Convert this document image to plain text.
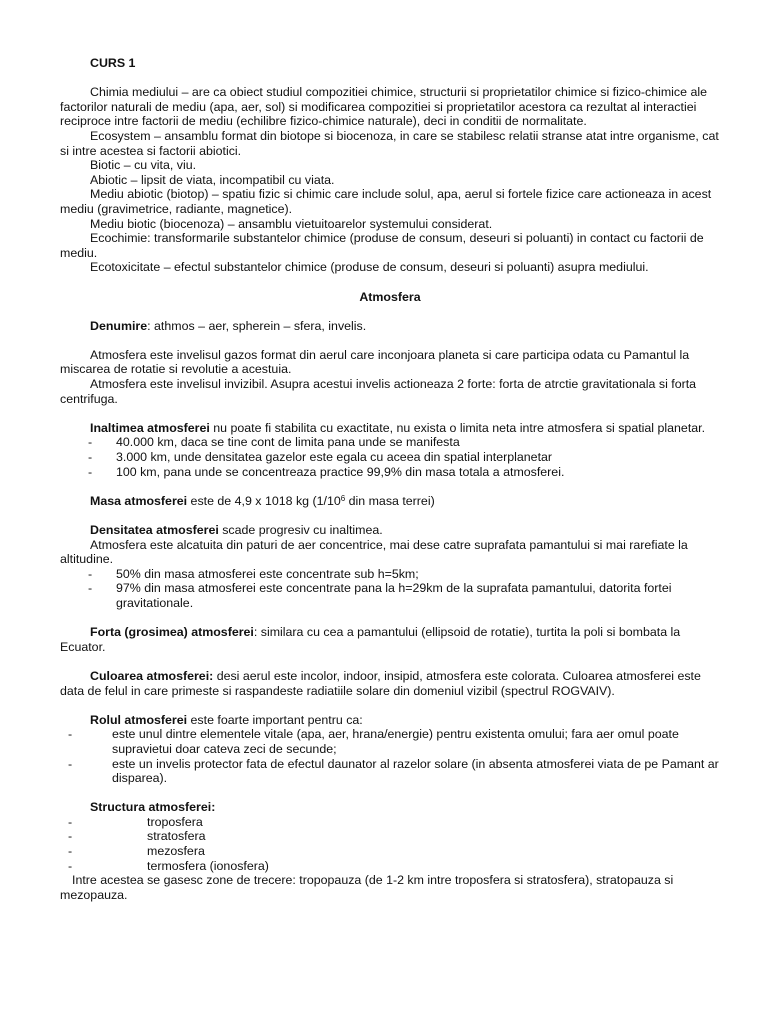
CURS 1

Chimia mediului – are ca obiect studiul compozitiei chimice, structurii si proprietatilor chimice si fizico-chimice ale factorilor naturali de mediu (apa, aer, sol) si modificarea compozitiei si proprietatilor acestora ca rezultat al interactiei reciproce intre factorii de mediu (echilibre fizico-chimice naturale), deci in conditii de normalitate.

Ecosystem – ansamblu format din biotope si biocenoza, in care se stabilesc relatii stranse atat intre organisme, cat si intre acestea si factorii abiotici.

Biotic – cu vita, viu.

Abiotic – lipsit de viata, incompatibil cu viata.

Mediu abiotic (biotop) – spatiu fizic si chimic care include solul, apa, aerul si fortele fizice care actioneaza in acest mediu (gravimetrice, radiante, magnetice).

Mediu biotic (biocenoza) – ansamblu vietuitoarelor systemului considerat.

Ecochimie: transformarile substantelor chimice (produse de consum, deseuri si poluanti) in contact cu factorii de mediu.

Ecotoxicitate – efectul substantelor chimice (produse de consum, deseuri si poluanti) asupra mediului.

Atmosfera

Denumire: athmos – aer, spherein – sfera, invelis.

Atmosfera este invelisul gazos format din aerul care inconjoara planeta si care participa odata cu Pamantul la miscarea de rotatie si revolutie a acestuia.

Atmosfera este invelisul invizibil. Asupra acestui invelis actioneaza 2 forte: forta de atrctie gravitationala si forta centrifuga.

Inaltimea atmosferei nu poate fi stabilita cu exactitate, nu exista o limita neta intre atmosfera si spatial planetar.

-	40.000 km, daca se tine cont de limita pana unde se manifesta
-	3.000 km, unde densitatea gazelor este egala cu aceea din spatial interplanetar
-	100 km, pana unde se concentreaza practice 99,9% din masa totala a atmosferei.

Masa atmosferei este de 4,9 x 1018 kg ($1/10^6$ din masa terrei)

Densitatea atmosferei scade progresiv cu inaltimea.

Atmosfera este alcatuita din paturi de aer concentrice, mai dese catre suprafata pamantului si mai rarefiate la altitudine.

-	50% din masa atmosferei este concentrate sub h=5km;
-	97% din masa atmosferei este concentrate pana la h=29km de la suprafata pamantului, datorita fortei gravitationale.

Forta (grosimea) atmosferei: similara cu cea a pamantului (ellipsoid de rotatie), turtita la poli si bombata la Ecuator.

Culoarea atmosferei: desi aerul este incolor, indoor, insipid, atmosfera este colorata. Culoarea atmosferei este data de felul in care primeste si raspandeste radiatiile solare din domeniul vizibil (spectrul ROGVAIV).

Rolul atmosferei este foarte important pentru ca:

-	este unul dintre elementele vitale (apa, aer, hrana/energie) pentru existenta omului; fara aer omul poate supravietui doar cateva zeci de secunde;
-	este un invelis protector fata de efectul daunator al razelor solare (in absenta atmosferei viata de pe Pamant ar disparea).

Structura atmosferei:

-	troposfera
-	stratosfera
-	mezosfera
-	termosfera (ionosfera)

Intre acestea se gasesc zone de trecere: tropopauza (de 1-2 km intre troposfera si stratosfera), stratopauza si mezopauza.
